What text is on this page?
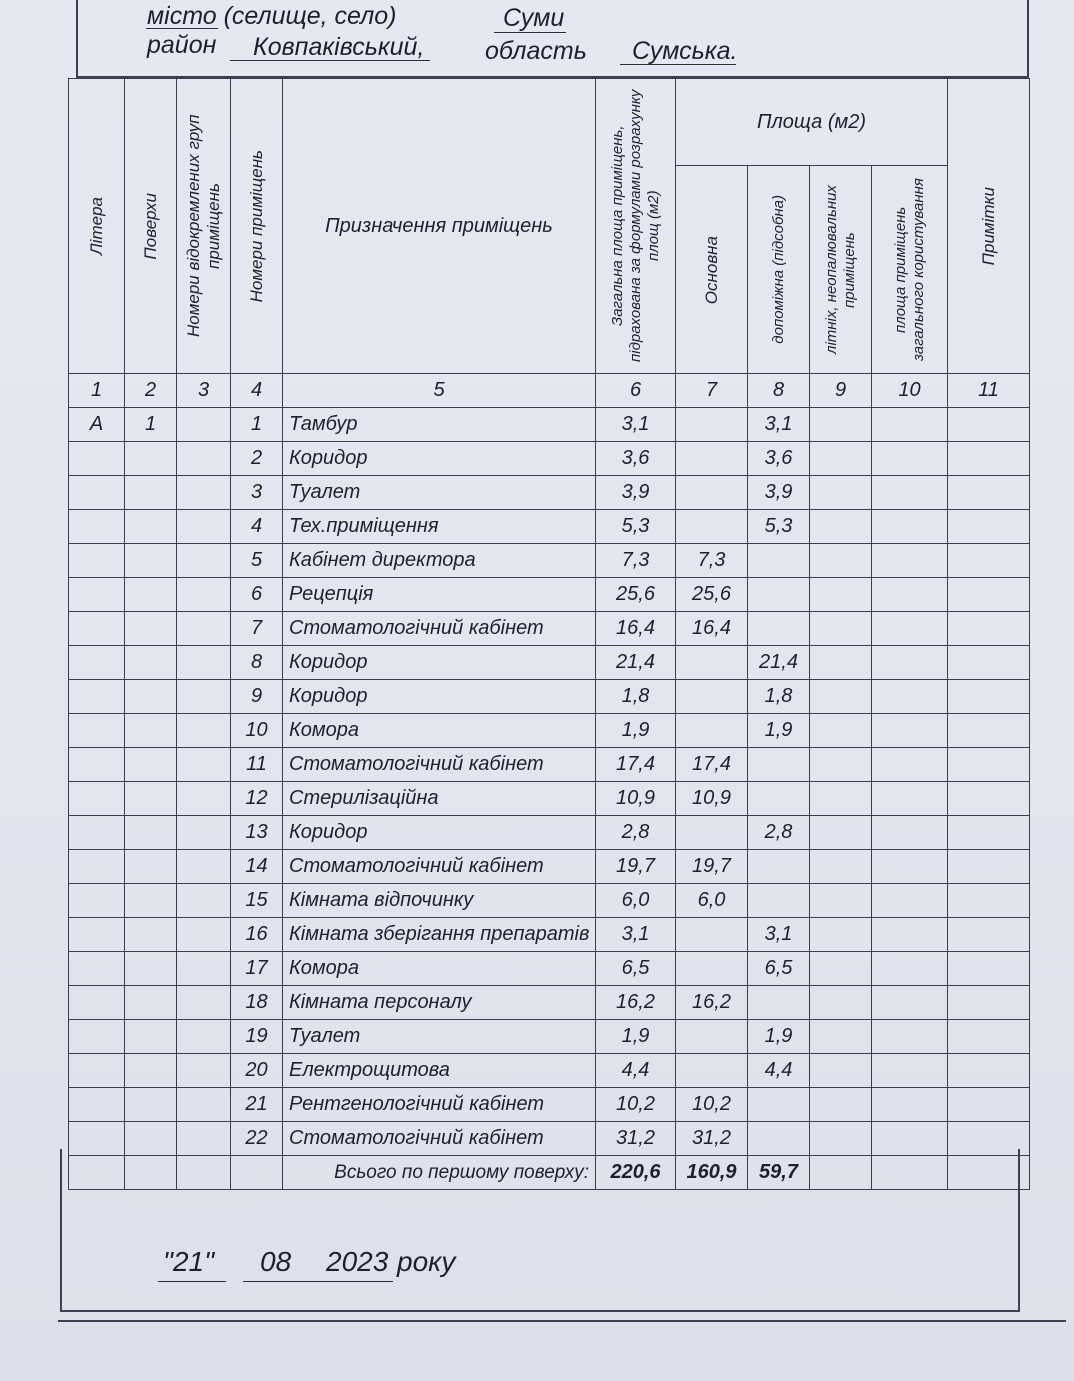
місто (селище, село)	Суми
район Ковпаківський, область Сумська.
Літера	Поверхи	Номери відокремлених груп приміщень	Номери приміщень	Призначення приміщень	Загальна площа приміщень, підрахована за формулами розрахунку площ (м2)	Площа (м2)				Примітки

						Основна	допоміжна (підсобна)	літніх, неопалювальних приміщень	площа приміщень загального користування	

1	2	3	4	5	6	7	8	9	10	11
А	1		1	Тамбур	3,1		3,1			
			2	Коридор	3,6		3,6			
			3	Туалет	3,9		3,9			
			4	Тех.приміщення	5,3		5,3			
			5	Кабінет директора	7,3	7,3				
			6	Рецепція	25,6	25,6				
			7	Стоматологічний кабінет	16,4	16,4				
			8	Коридор	21,4		21,4			
			9	Коридор	1,8		1,8			
			10	Комора	1,9		1,9			
			11	Стоматологічний кабінет	17,4	17,4				
			12	Стерилізаційна	10,9	10,9				
			13	Коридор	2,8		2,8			
			14	Стоматологічний кабінет	19,7	19,7				
			15	Кімната відпочинку	6,0	6,0				
			16	Кімната зберігання препаратів	3,1		3,1			
			17	Комора	6,5		6,5			
			18	Кімната персоналу	16,2	16,2				
			19	Туалет	1,9		1,9			
			20	Електрощитова	4,4		4,4			
			21	Рентгенологічний кабінет	10,2	10,2				
			22	Стоматологічний кабінет	31,2	31,2				
				Всього по першому поверху:	220,6	160,9	59,7			
"21" 08 2023 року
